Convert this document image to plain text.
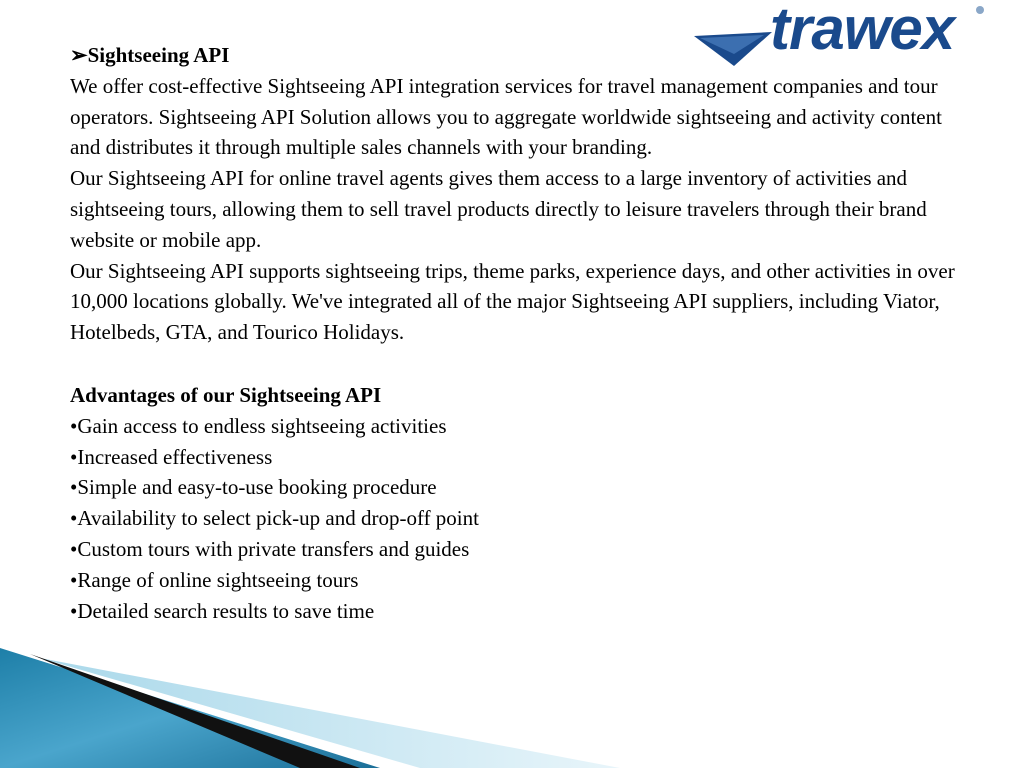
trawex

➢Sightseeing API

We offer cost-effective Sightseeing API integration services for travel management companies and tour operators. Sightseeing API Solution allows you to aggregate worldwide sightseeing and activity content and distributes it through multiple sales channels with your branding.

Our Sightseeing API for online travel agents gives them access to a large inventory of activities and sightseeing tours, allowing them to sell travel products directly to leisure travelers through their brand website or mobile app.

Our Sightseeing API supports sightseeing trips, theme parks, experience days, and other activities in over 10,000 locations globally. We've integrated all of the major Sightseeing API suppliers, including Viator, Hotelbeds, GTA, and Tourico Holidays.

Advantages of our Sightseeing API

•Gain access to endless sightseeing activities
•Increased effectiveness
•Simple and easy-to-use booking procedure
•Availability to select pick-up and drop-off point
•Custom tours with private transfers and guides
•Range of online sightseeing tours
•Detailed search results to save time
